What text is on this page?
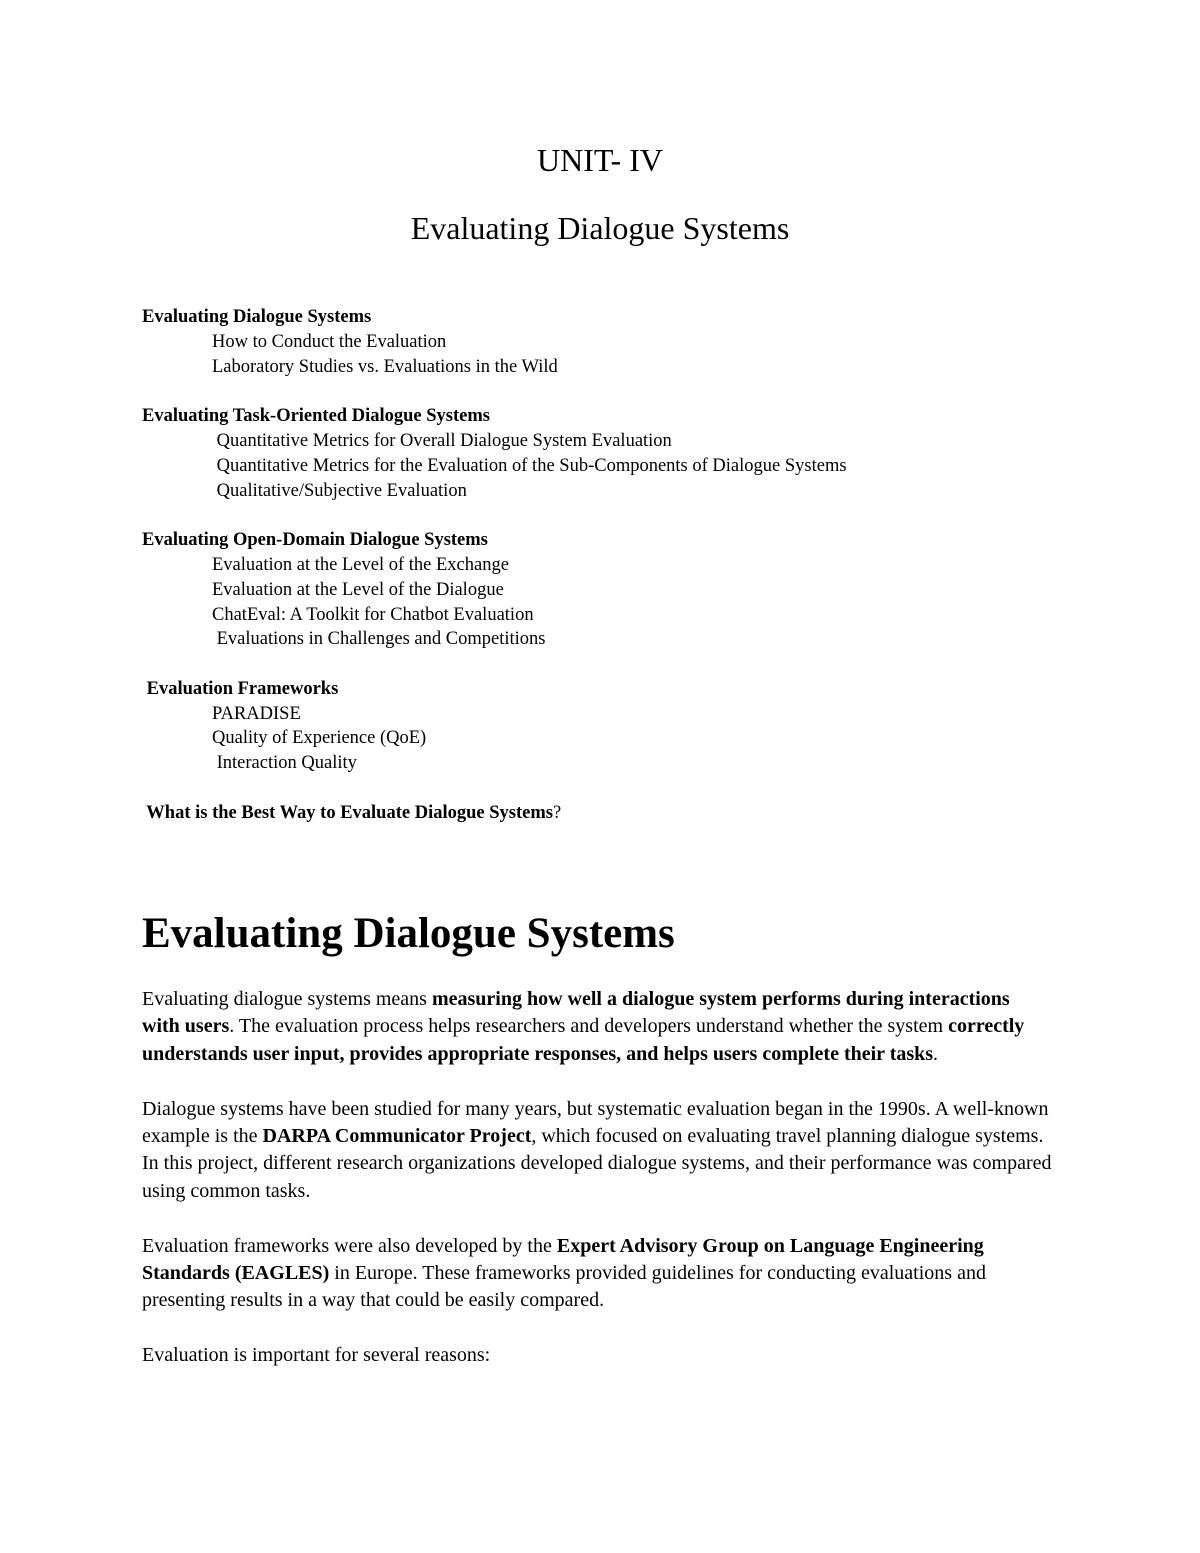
UNIT- IV
Evaluating Dialogue Systems
Evaluating Dialogue Systems
How to Conduct the Evaluation
Laboratory Studies vs. Evaluations in the Wild
Evaluating Task-Oriented Dialogue Systems
Quantitative Metrics for Overall Dialogue System Evaluation
Quantitative Metrics for the Evaluation of the Sub-Components of Dialogue Systems
Qualitative/Subjective Evaluation
Evaluating Open-Domain Dialogue Systems
Evaluation at the Level of the Exchange
Evaluation at the Level of the Dialogue
ChatEval: A Toolkit for Chatbot Evaluation
Evaluations in Challenges and Competitions
Evaluation Frameworks
PARADISE
Quality of Experience (QoE)
Interaction Quality
What is the Best Way to Evaluate Dialogue Systems?
Evaluating Dialogue Systems

Evaluating dialogue systems means measuring how well a dialogue system performs during interactions with users. The evaluation process helps researchers and developers understand whether the system correctly understands user input, provides appropriate responses, and helps users complete their tasks.

Dialogue systems have been studied for many years, but systematic evaluation began in the 1990s. A well-known example is the DARPA Communicator Project, which focused on evaluating travel planning dialogue systems. In this project, different research organizations developed dialogue systems, and their performance was compared using common tasks.

Evaluation frameworks were also developed by the Expert Advisory Group on Language Engineering Standards (EAGLES) in Europe. These frameworks provided guidelines for conducting evaluations and presenting results in a way that could be easily compared.

Evaluation is important for several reasons:
